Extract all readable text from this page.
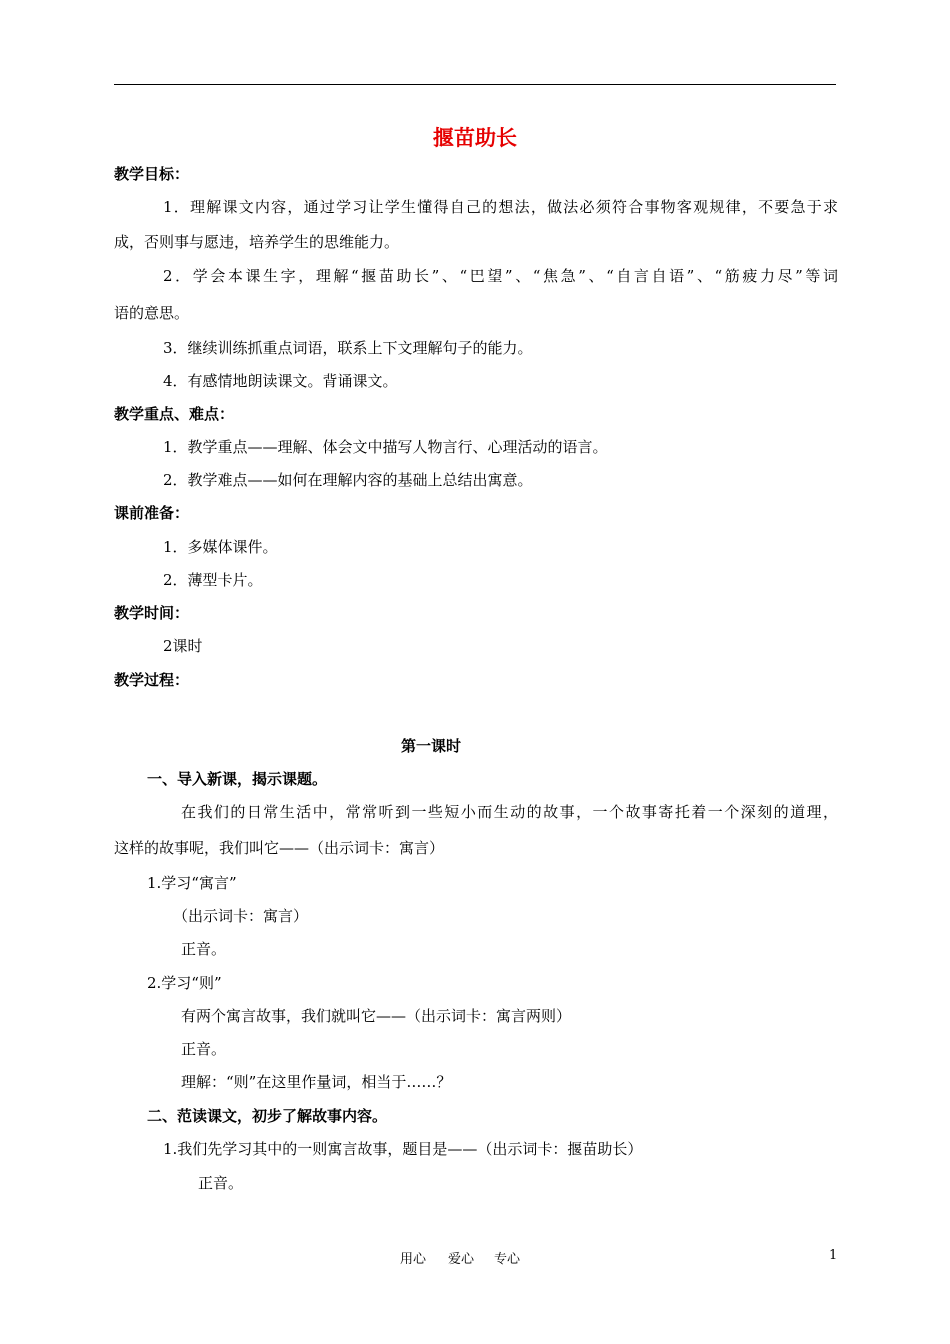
揠苗助长
教学目标：
1．理解课文内容，通过学习让学生懂得自己的想法，做法必须符合事物客观规律，不要急于求
成，否则事与愿违，培养学生的思维能力。
2．学会本课生字，理解“揠苗助长”、“巴望”、“焦急”、“自言自语”、“筋疲力尽”等词
语的意思。
3．继续训练抓重点词语，联系上下文理解句子的能力。
4．有感情地朗读课文。背诵课文。
教学重点、难点：
1．教学重点——理解、体会文中描写人物言行、心理活动的语言。
2．教学难点——如何在理解内容的基础上总结出寓意。
课前准备：
1．多媒体课件。
2．薄型卡片。
教学时间：
2课时
教学过程：
第一课时
一、导入新课，揭示课题。
在我们的日常生活中，常常听到一些短小而生动的故事，一个故事寄托着一个深刻的道理，
这样的故事呢，我们叫它——（出示词卡：寓言）
1.学习“寓言”
（出示词卡：寓言）
正音。
2.学习“则”
有两个寓言故事，我们就叫它——（出示词卡：寓言两则）
正音。
理解：“则”在这里作量词，相当于……？
二、范读课文，初步了解故事内容。
1.我们先学习其中的一则寓言故事，题目是——（出示词卡：揠苗助长）
正音。
用心 爱心 专心	1
